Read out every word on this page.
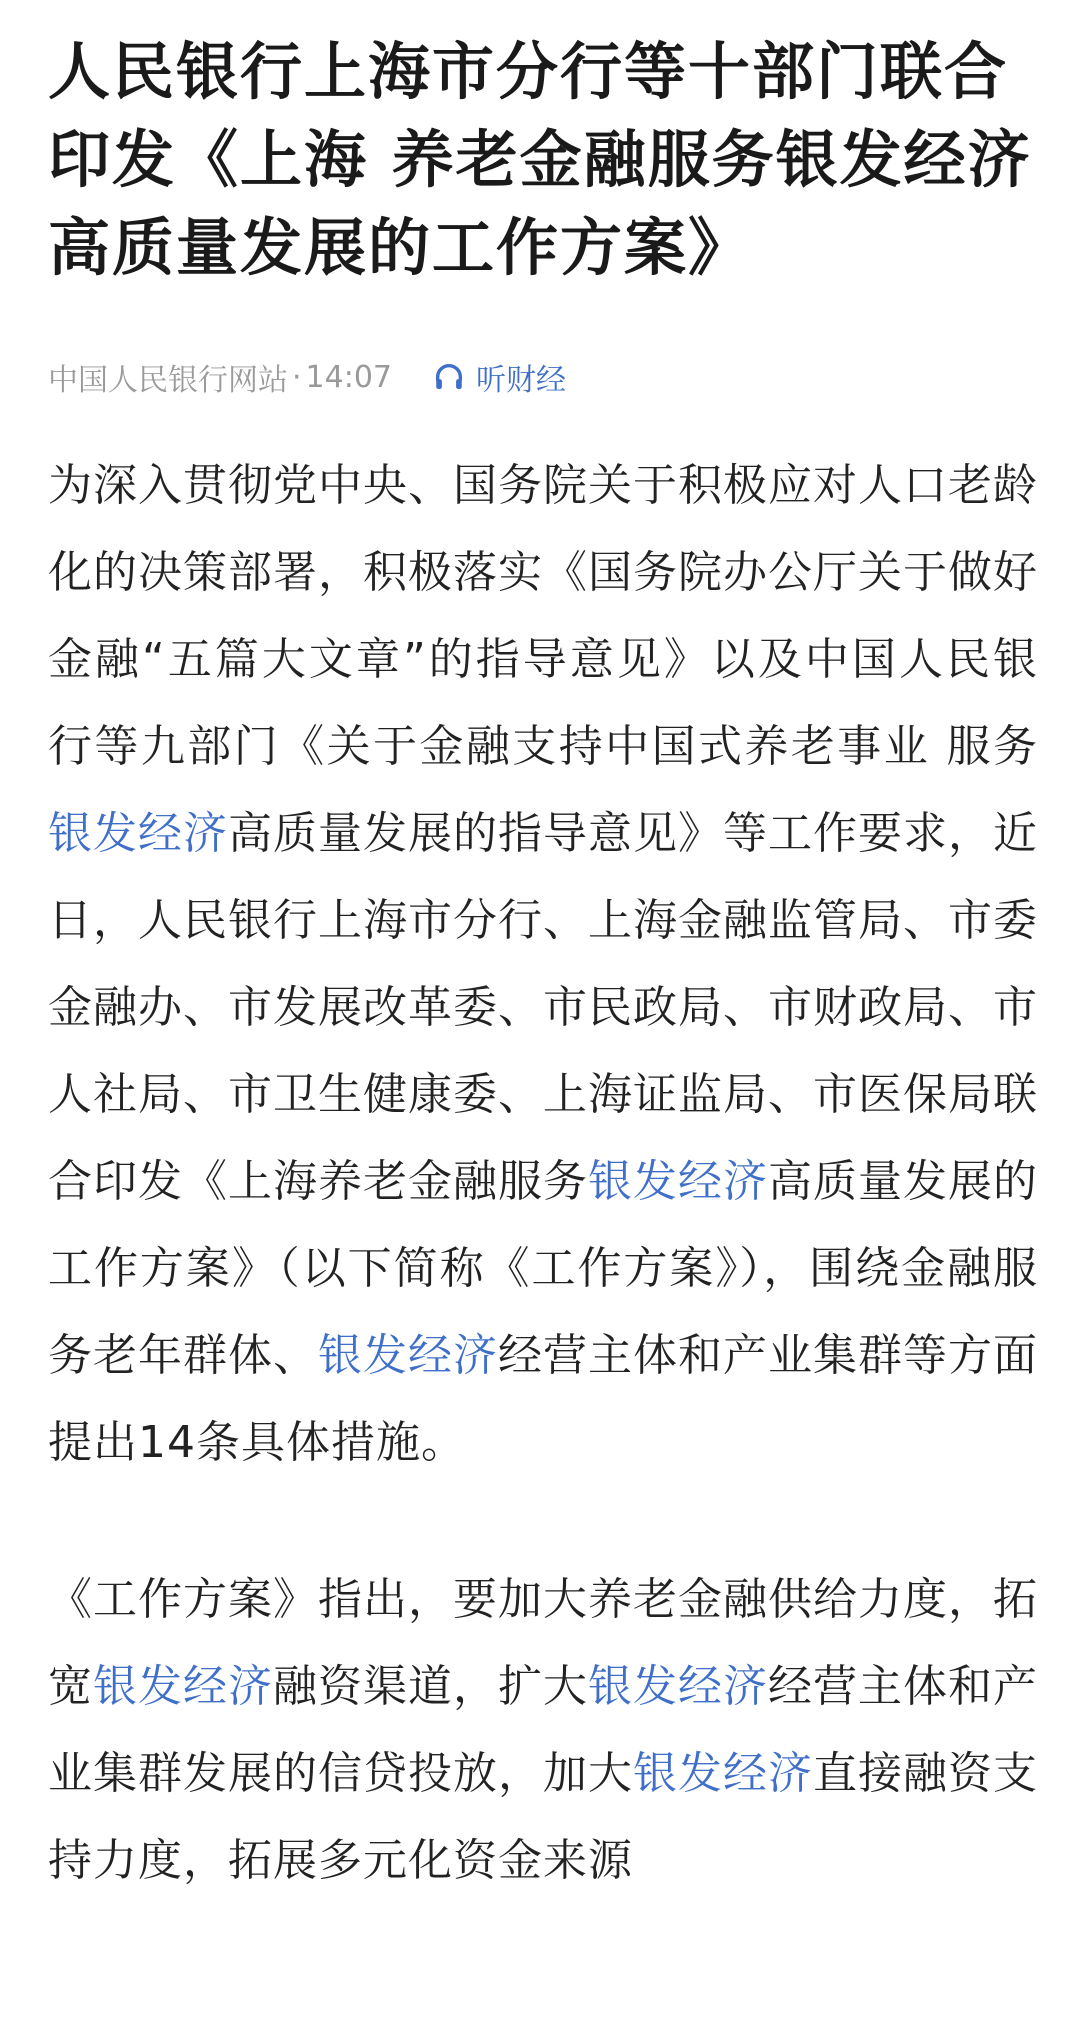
人民银行上海市分行等十部门联合印发《上海 养老金融服务银发经济高质量发展的工作方案》
中国人民银行网站 · 14:07	听财经

为深入贯彻党中央、国务院关于积极应对人口老龄化的决策部署，积极落实《国务院办公厅关于做好金融“五篇大文章”的指导意见》以及中国人民银行等九部门《关于金融支持中国式养老事业 服务银发经济高质量发展的指导意见》等工作要求，近日，人民银行上海市分行、上海金融监管局、市委金融办、市发展改革委、市民政局、市财政局、市人社局、市卫生健康委、上海证监局、市医保局联合印发《上海养老金融服务银发经济高质量发展的工作方案》（以下简称《工作方案》），围绕金融服务老年群体、银发经济经营主体和产业集群等方面提出14条具体措施。

《工作方案》指出，要加大养老金融供给力度，拓宽银发经济融资渠道，扩大银发经济经营主体和产业集群发展的信贷投放，加大银发经济直接融资支持力度，拓展多元化资金来源
